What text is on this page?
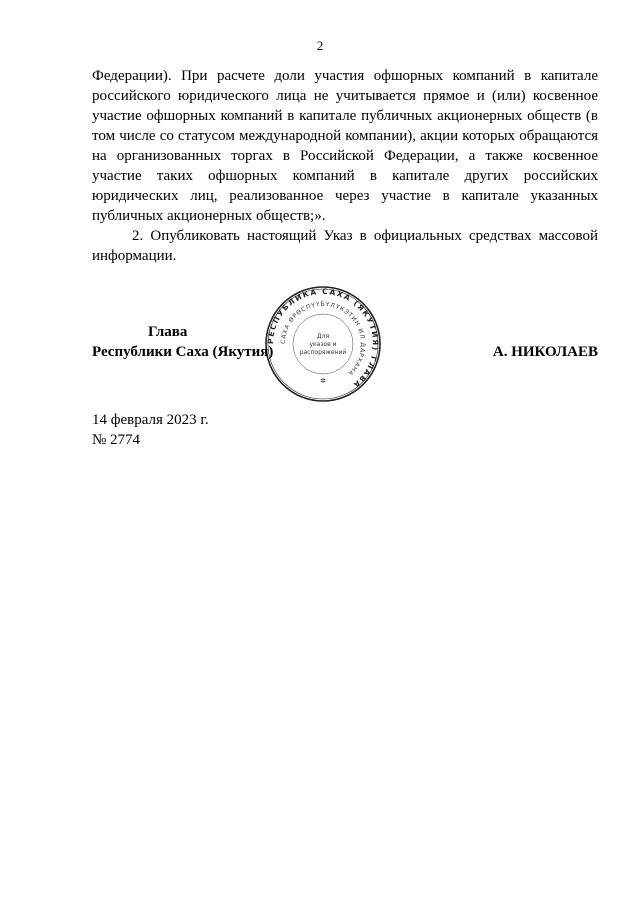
2

Федерации). При расчете доли участия офшорных компаний в капитале российского юридического лица не учитывается прямое и (или) косвенное участие офшорных компаний в капитале публичных акционерных обществ (в том числе со статусом международной компании), акции которых обращаются на организованных торгах в Российской Федерации, а также косвенное участие таких офшорных компаний в капитале других российских юридических лиц, реализованное через участие в капитале указанных публичных акционерных обществ;».

2. Опубликовать настоящий Указ в официальных средствах массовой информации.

РЕСПУБЛИКА САХА (ЯКУТИЯ) ГЛАВА
САХА ӨРӨСПҮҮБҮЛҮКЭТИН ИЛ ДАРХАНА
Для
указов и
распоряжений
✲
Глава
Республики Саха (Якутия)	А. НИКОЛАЕВ
14 февраля 2023 г.
№ 2774
